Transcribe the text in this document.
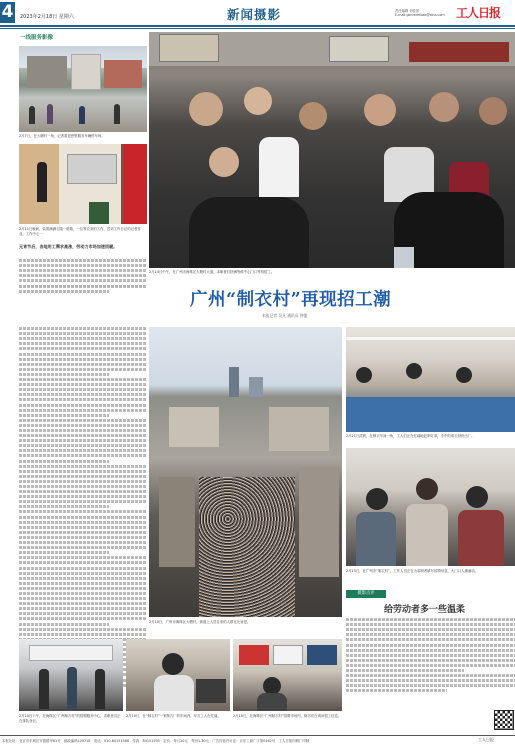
4	2023年2月18日 星期六	新闻摄影	责任编辑 刘佳萍
E-mail:gonrenribao@sina.com 工人日报
一线服务影像
2月7日，在大塘村一角，记者看见密集服务车辆停车场。
2月11日晚间，装着满满衣服一箱箱，一位等农务的工作，送到工作日记的记者作业。工作中心一
元宵节后，各地用工需求高涨，劳动力市场加速回暖。
2月14日中午，在广州市海珠区大塘村大道，求职者们挤满等候中心门口等待招工。
广州“制衣村”再现招工潮
本报记者 吴凡 通讯员 钟俊
2月10日，广州市海珠区大塘村，街道上人员往来的人群比比皆是。
2月21日清晨，在制衣车间一角，工人们正在忙碌地赶制订单，手中的成衣纷纷出厂。
2月15日，在广州市“制衣村”，工作人员正在为求职者填写招聘信息，大门口人潮涌动。
摄影点评
给劳动者多一些温柔
2月10日下午，在海珠区“广州制衣村”的招聘服务中心，求职者们正在排队登记。
2月10日，在“制衣村”一家制衣厂的车间内，车衣工人在忙碌。	2月15日，在海珠区“广州制衣村”招聘市场内，街坊们在询问招工信息。
本报社址：北京市东城区安德路甲61号　邮政编码100718　电话：010-84151588　传真：84151595　定价：每月20元　每份1.30元　广告经营许可证：京东工商广字第0162号　工人日报印刷厂印制	工人日报
